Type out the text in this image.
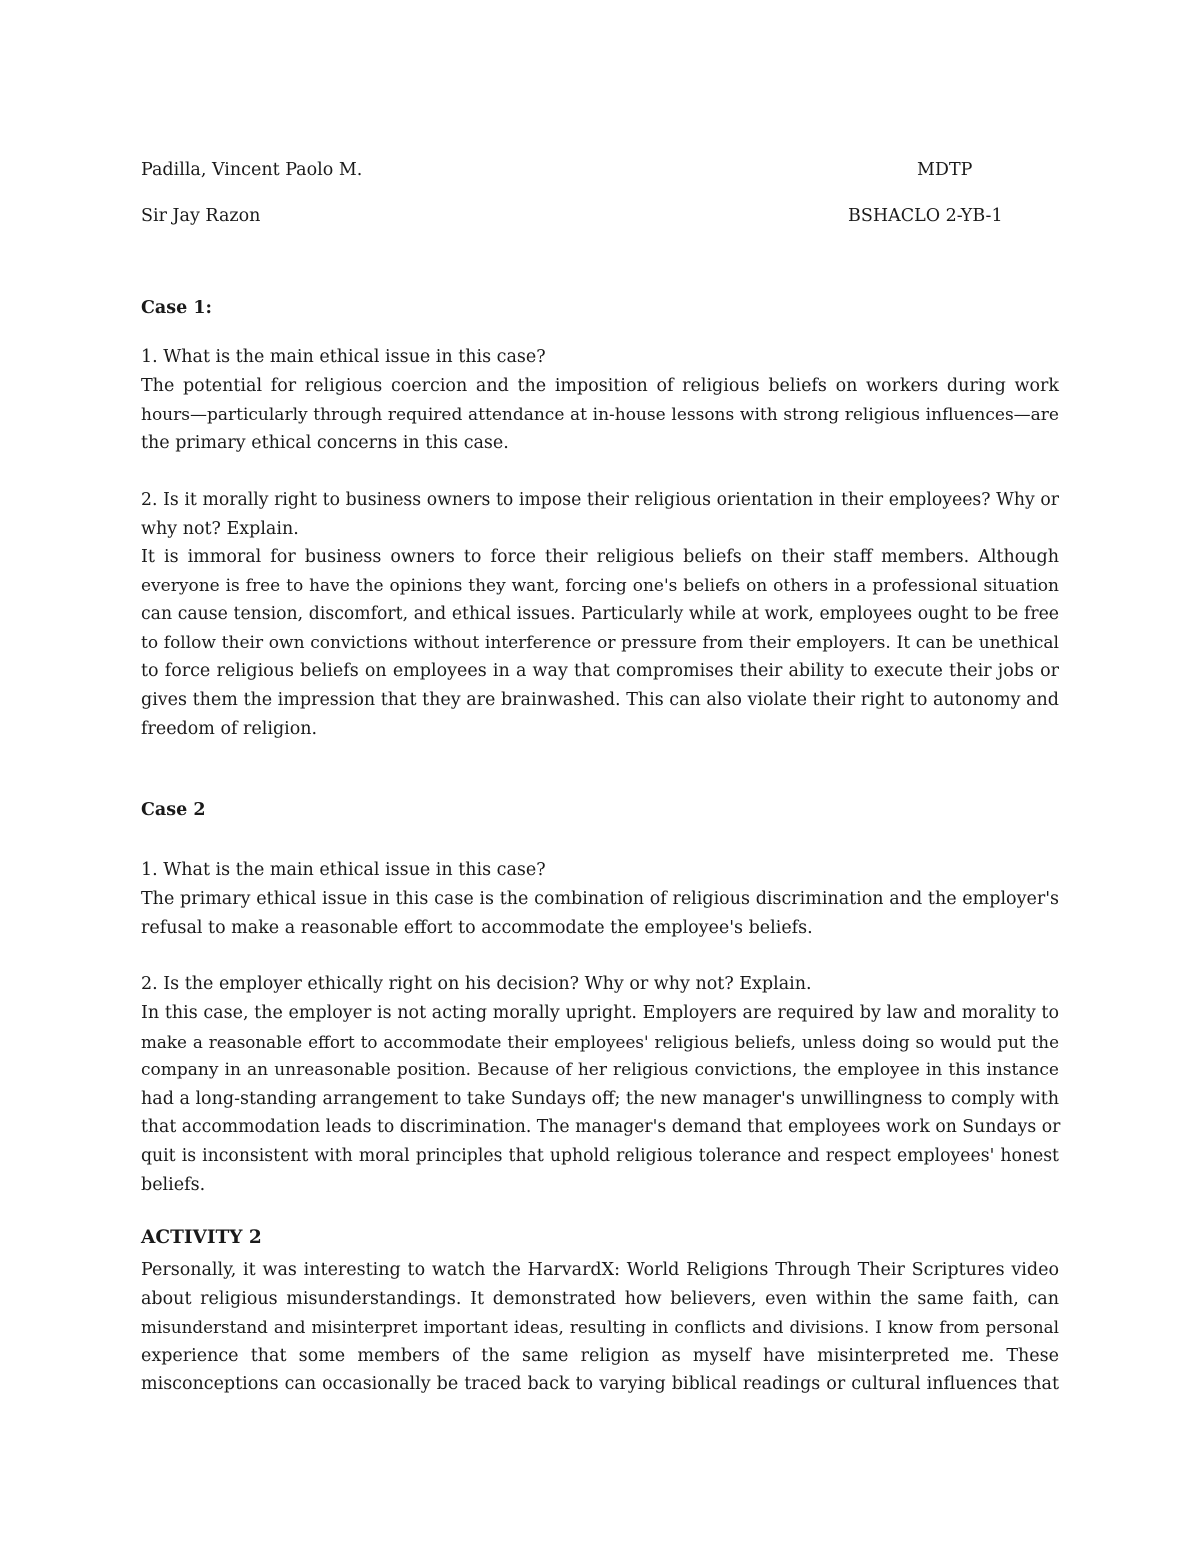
Padilla, Vincent Paolo M.	MDTP
Sir Jay Razon	BSHACLO 2-YB-1
Case 1:
1. What is the main ethical issue in this case?
The potential for religious coercion and the imposition of religious beliefs on workers during work
hours—particularly through required attendance at in-house lessons with strong religious influences—are
the primary ethical concerns in this case.
2. Is it morally right to business owners to impose their religious orientation in their employees? Why or
why not? Explain.
It is immoral for business owners to force their religious beliefs on their staff members. Although
everyone is free to have the opinions they want, forcing one's beliefs on others in a professional situation
can cause tension, discomfort, and ethical issues. Particularly while at work, employees ought to be free
to follow their own convictions without interference or pressure from their employers. It can be unethical
to force religious beliefs on employees in a way that compromises their ability to execute their jobs or
gives them the impression that they are brainwashed. This can also violate their right to autonomy and
freedom of religion.
Case 2
1. What is the main ethical issue in this case?
The primary ethical issue in this case is the combination of religious discrimination and the employer's
refusal to make a reasonable effort to accommodate the employee's beliefs.
2. Is the employer ethically right on his decision? Why or why not? Explain.
In this case, the employer is not acting morally upright. Employers are required by law and morality to
make a reasonable effort to accommodate their employees' religious beliefs, unless doing so would put the
company in an unreasonable position. Because of her religious convictions, the employee in this instance
had a long-standing arrangement to take Sundays off; the new manager's unwillingness to comply with
that accommodation leads to discrimination. The manager's demand that employees work on Sundays or
quit is inconsistent with moral principles that uphold religious tolerance and respect employees' honest
beliefs.
ACTIVITY 2
Personally, it was interesting to watch the HarvardX: World Religions Through Their Scriptures video
about religious misunderstandings. It demonstrated how believers, even within the same faith, can
misunderstand and misinterpret important ideas, resulting in conflicts and divisions. I know from personal
experience that some members of the same religion as myself have misinterpreted me. These
misconceptions can occasionally be traced back to varying biblical readings or cultural influences that
